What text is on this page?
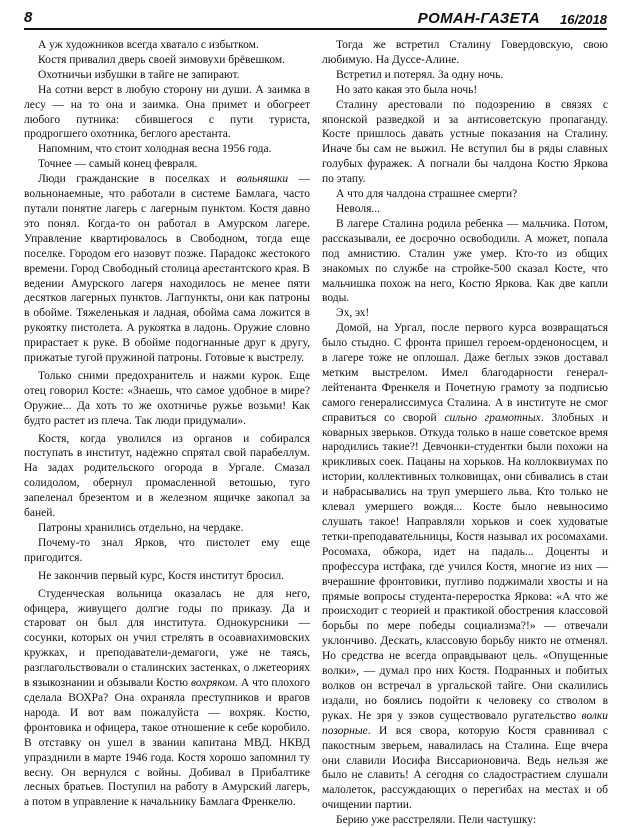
8	РОМАН-ГАЗЕТА 16/2018

А уж художников всегда хватало с избытком.

Костя привалил дверь своей зимовухи брёвешком.

Охотничьи избушки в тайге не запирают.

На сотни верст в любую сторону ни души. А заимка в лесу — на то она и заимка. Она примет и обогреет любого путника: сбившегося с пути туриста, продрогшего охотника, беглого арестанта.

Напомним, что стоит холодная весна 1956 года.

Точнее — самый конец февраля.

Люди гражданские в поселках и вольняшки — вольнонаемные, что работали в системе Бамлага, часто путали понятие лагерь с лагерным пунктом. Костя давно это понял. Когда-то он работал в Амурском лагере. Управление квартировалось в Свободном, тогда еще поселке. Городом его назовут позже. Парадокс жестокого времени. Город Свободный столица арестантского края. В ведении Амурского лагеря находилось не менее пяти десятков лагерных пунктов. Лагпункты, они как патроны в обойме. Тяжеленькая и ладная, обойма сама ложится в рукоятку пистолета. А рукоятка в ладонь. Оружие словно прирастает к руке. В обойме подогнанные друг к другу, прижатые тугой пружиной патроны. Готовые к выстрелу.

Только сними предохранитель и нажми курок. Еще отец говорил Косте: «Знаешь, что самое удобное в мире? Оружие... Да хоть то же охотничье ружье возьми! Как будто растет из плеча. Так люди придумали».

Костя, когда уволился из органов и собирался поступать в институт, надежно спрятал свой парабеллум. На задах родительского огорода в Ургале. Смазал солидолом, обернул промасленной ветошью, туго запеленал брезентом и в железном ящичке закопал за баней.

Патроны хранились отдельно, на чердаке.

Почему-то знал Ярков, что пистолет ему еще пригодится.

Не закончив первый курс, Костя институт бросил.

Студенческая вольница оказалась не для него, офицера, живущего долгие годы по приказу. Да и староват он был для института. Однокурсники — сосунки, которых он учил стрелять в осоавиахимовских кружках, и преподаватели-демагоги, уже не таясь, разглагольствовали о сталинских застенках, о лжетеориях в языкознании и обзывали Костю вохряком. А что плохого сделала ВОХРа? Она охраняла преступников и врагов народа. И вот вам пожалуйста — вохряк. Костю, фронтовика и офицера, такое отношение к себе коробило. В отставку он ушел в звании капитана МВД. НКВД упразднили в марте 1946 года. Костя хорошо запомнил ту весну. Он вернулся с войны. Добивал в Прибалтике лесных братьев. Поступил на работу в Амурский лагерь, а потом в управление к начальнику Бамлага Френкелю.

Тогда же встретил Сталину Говердовскую, свою любимую. На Дуссе-Алине.

Встретил и потерял. За одну ночь.

Но зато какая это была ночь!

Сталину арестовали по подозрению в связях с японской разведкой и за антисоветскую пропаганду. Косте пришлось давать устные показания на Сталину. Иначе бы сам не выжил. Не вступил бы в ряды славных голубых фуражек. А погнали бы чалдона Костю Яркова по этапу.

А что для чалдона страшнее смерти?

Неволя...

В лагере Сталина родила ребенка — мальчика. Потом, рассказывали, ее досрочно освободили. А может, попала под амнистию. Сталин уже умер. Кто-то из общих знакомых по службе на стройке-500 сказал Косте, что мальчишка похож на него, Костю Яркова. Как две капли воды.

Эх, эх!

Домой, на Ургал, после первого курса возвращаться было стыдно. С фронта пришел героем-орденоносцем, и в лагере тоже не оплошал. Даже беглых зэков доставал метким выстрелом. Имел благодарности генерал-лейтенанта Френкеля и Почетную грамоту за подписью самого генералиссимуса Сталина. А в институте не смог справиться со сворой сильно грамотных. Злобных и коварных зверьков. Откуда только в наше советское время народились такие?! Девчонки-студентки были похожи на крикливых соек. Пацаны на хорьков. На коллоквиумах по истории, коллективных толковищах, они сбивались в стаи и набрасывались на труп умершего льва. Кто только не клевал умершего вождя... Косте было невыносимо слушать такое! Направляли хорьков и соек худоватые тетки-преподавательницы, Костя называл их росомахами. Росомаха, обжора, идет на падаль... Доценты и профессура истфака, где учился Костя, многие из них — вчерашние фронтовики, пугливо поджимали хвосты и на прямые вопросы студента-переростка Яркова: «А что же происходит с теорией и практикой обострения классовой борьбы по мере победы социализма?!» — отвечали уклончиво. Дескать, классовую борьбу никто не отменял. Но средства не всегда оправдывают цель. «Опущенные волки», — думал про них Костя. Подранных и побитых волков он встречал в ургальской тайге. Они скалились издали, но боялись подойти к человеку со стволом в руках. Не зря у зэков существовало ругательство волки позорные. И вся свора, которую Костя сравнивал с пакостным зверьем, навалилась на Сталина. Еще вчера они славили Иосифа Виссарионовича. Ведь нельзя же было не славить! А сегодня со сладострастием слушали малолеток, рассуждающих о перегибах на местах и об очищении партии.

Берию уже расстреляли. Пели частушку:
